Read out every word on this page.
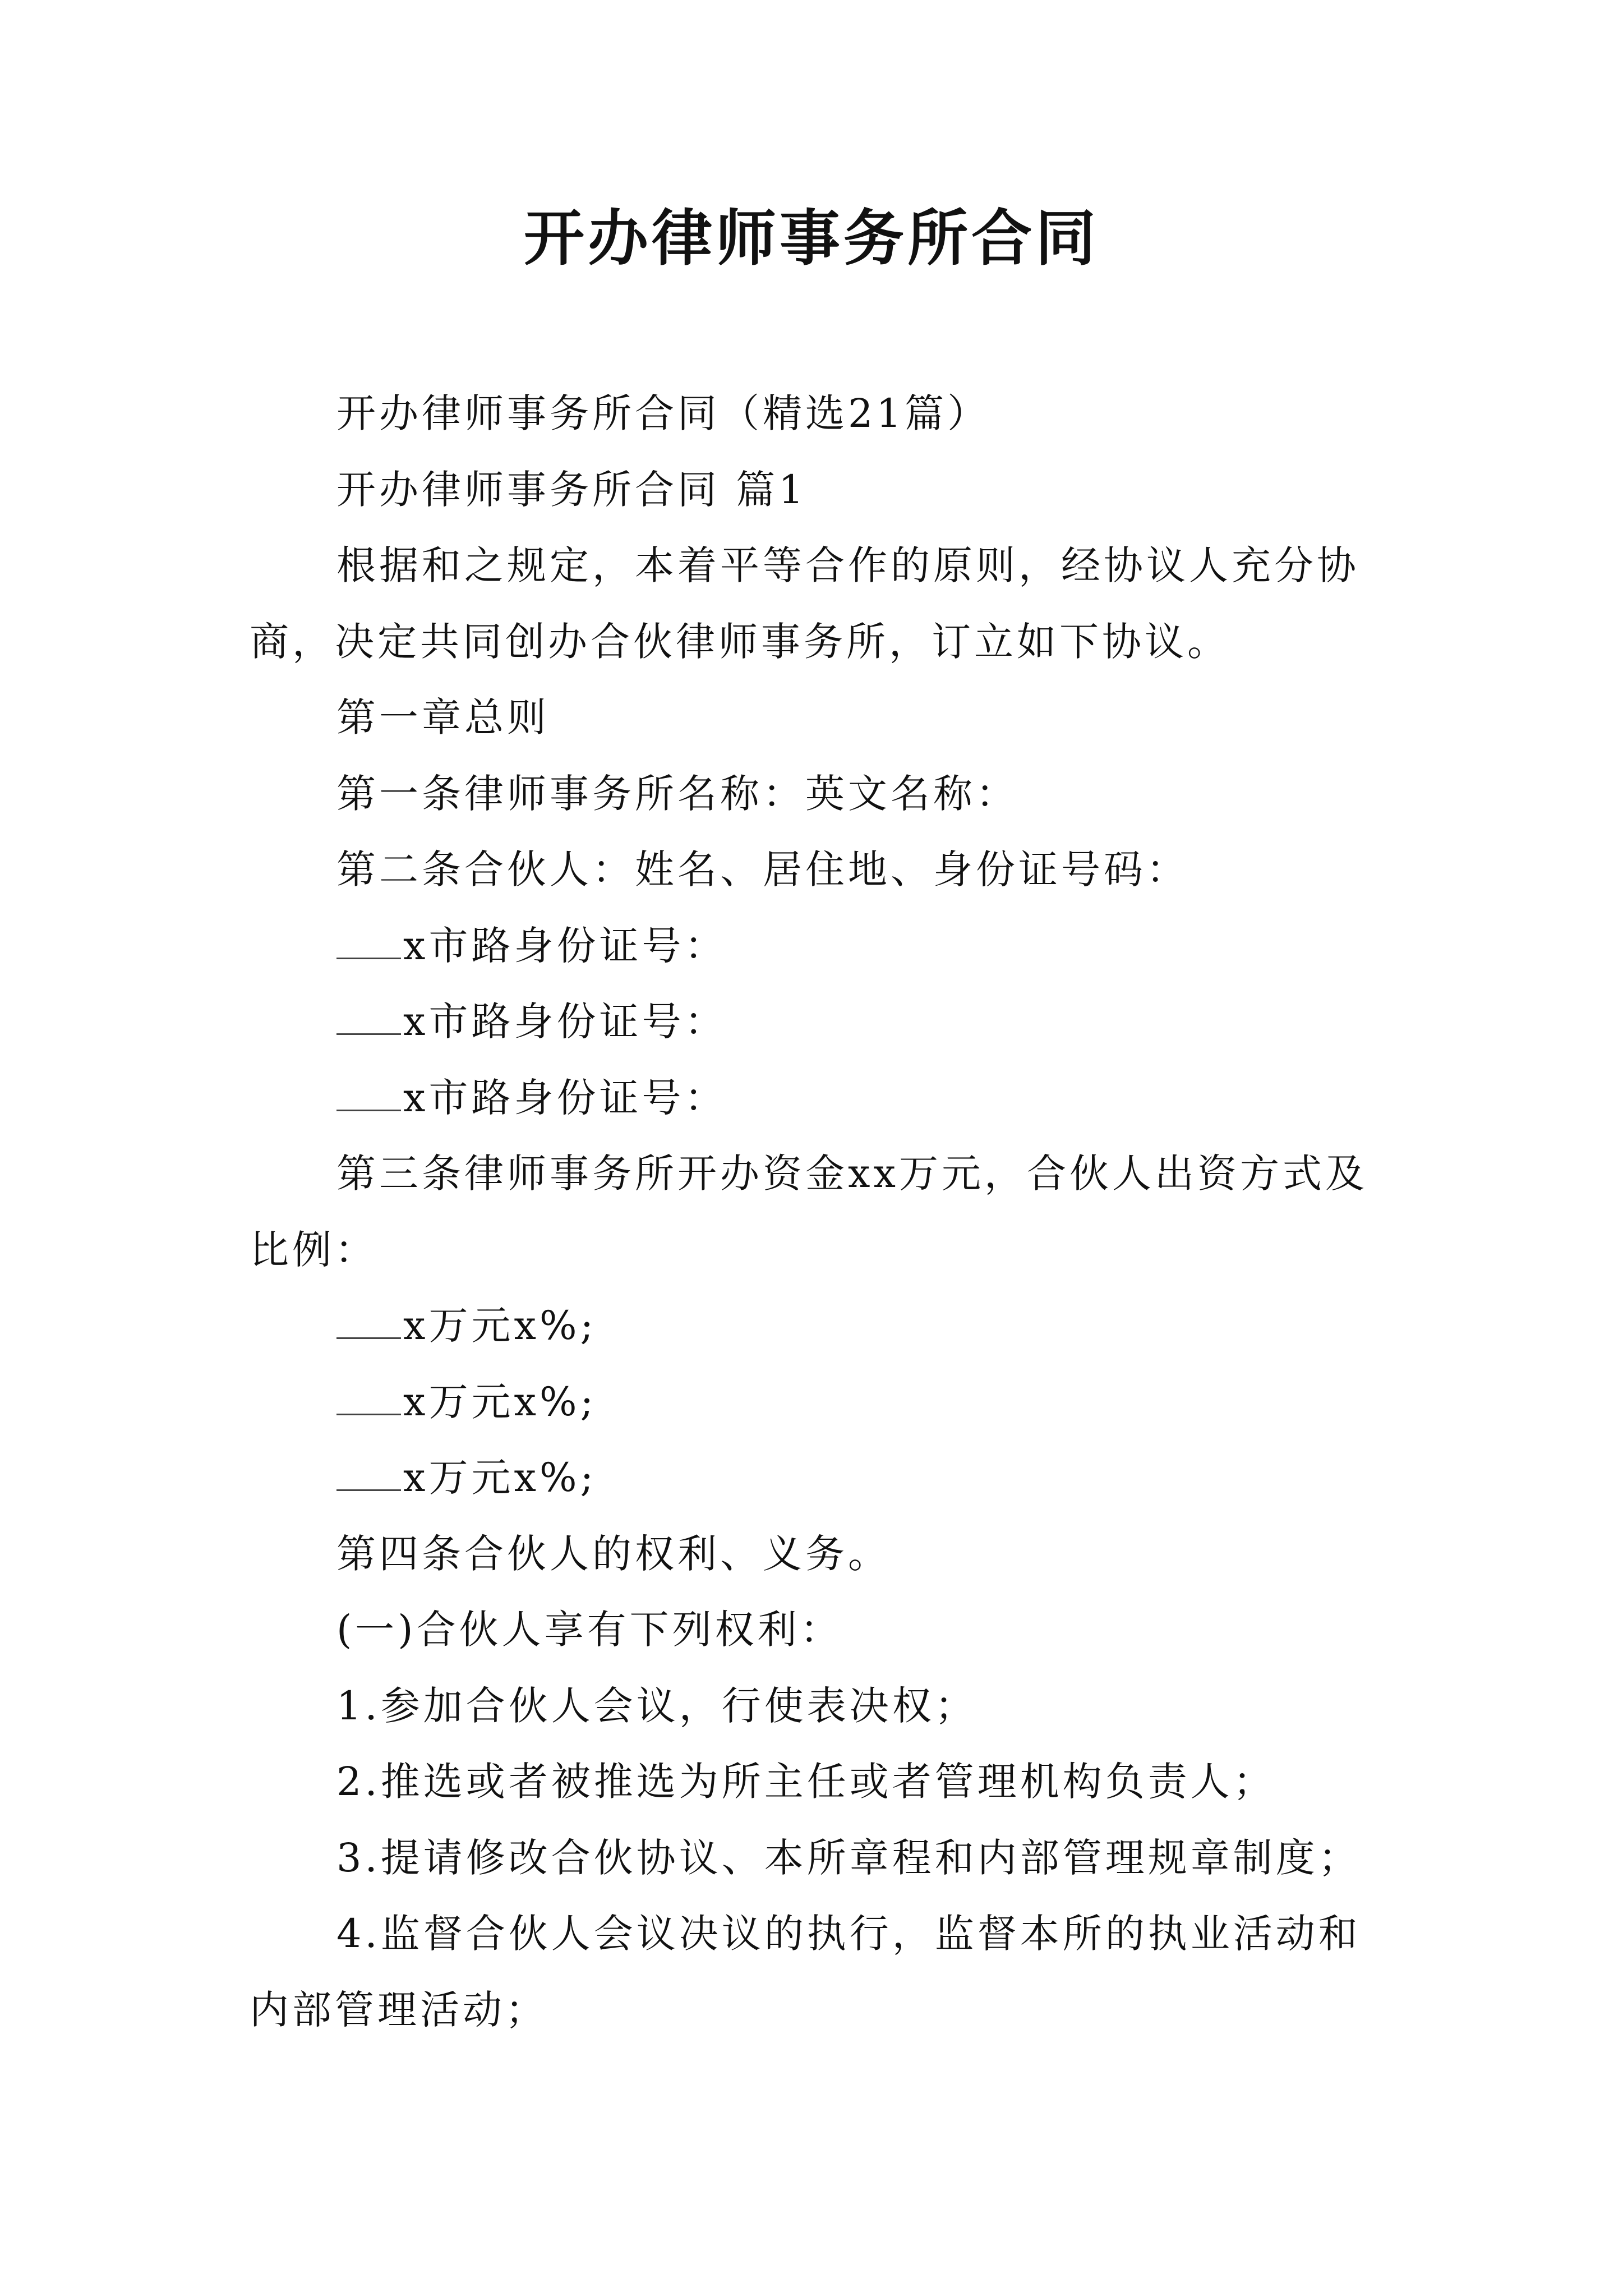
开办律师事务所合同

开办律师事务所合同（精选21篇）

开办律师事务所合同 篇1

根据和之规定，本着平等合作的原则，经协议人充分协商，决定共同创办合伙律师事务所，订立如下协议。

第一章总则

第一条律师事务所名称：英文名称：

第二条合伙人：姓名、居住地、身份证号码：

x市路身份证号：

x市路身份证号：

x市路身份证号：

第三条律师事务所开办资金xx万元，合伙人出资方式及比例：

x万元x%;

x万元x%;

x万元x%;

第四条合伙人的权利、义务。

(一)合伙人享有下列权利：

1.参加合伙人会议，行使表决权；

2.推选或者被推选为所主任或者管理机构负责人；

3.提请修改合伙协议、本所章程和内部管理规章制度；

4.监督合伙人会议决议的执行，监督本所的执业活动和内部管理活动；
